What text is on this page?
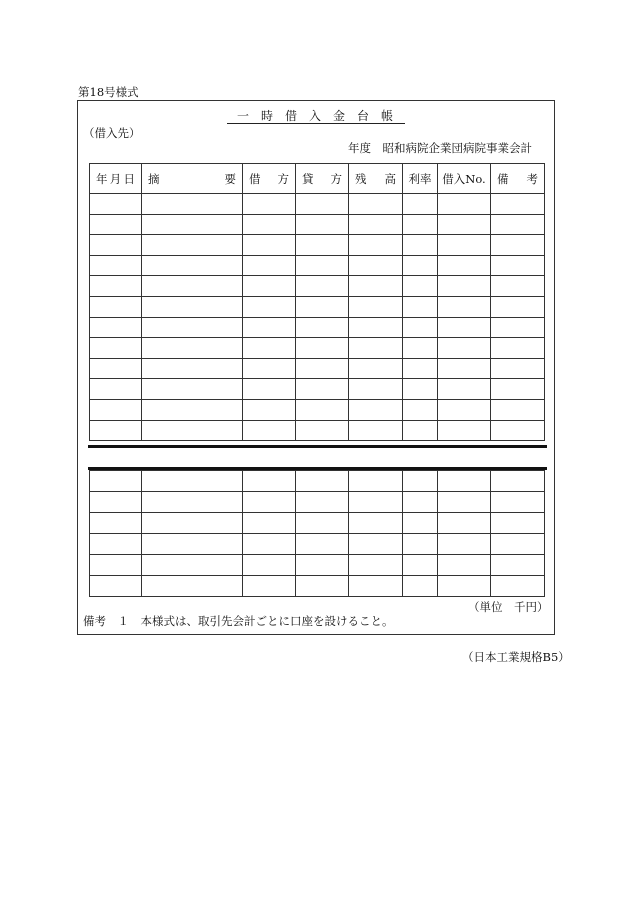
第18号様式
一　時　借　入　金　台　帳
（借入先）
年度　昭和病院企業団病院事業会計
年 月 日	摘 要	借 方	貸 方	残 高	利率	借入No.	備 考

（単位　千円）
備考　１　本様式は、取引先会計ごとに口座を設けること。
（日本工業規格B5）
